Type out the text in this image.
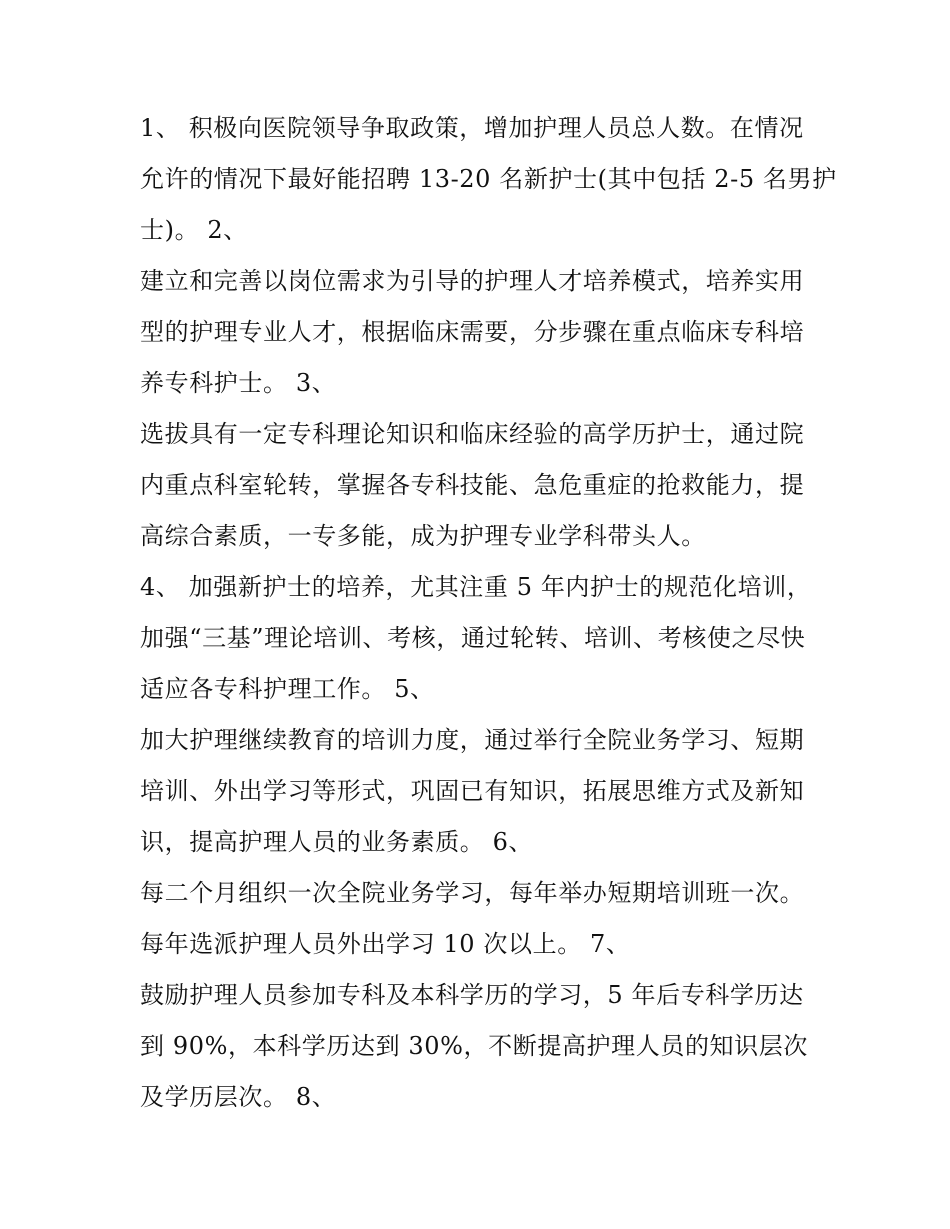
1、 积极向医院领导争取政策，增加护理人员总人数。在情况
允许的情况下最好能招聘 13-20 名新护士(其中包括 2-5 名男护
士)。 2、
建立和完善以岗位需求为引导的护理人才培养模式，培养实用
型的护理专业人才，根据临床需要，分步骤在重点临床专科培
养专科护士。 3、
选拔具有一定专科理论知识和临床经验的高学历护士，通过院
内重点科室轮转，掌握各专科技能、急危重症的抢救能力，提
高综合素质，一专多能，成为护理专业学科带头人。
4、 加强新护士的培养，尤其注重 5 年内护士的规范化培训，
加强“三基”理论培训、考核，通过轮转、培训、考核使之尽快
适应各专科护理工作。 5、
加大护理继续教育的培训力度，通过举行全院业务学习、短期
培训、外出学习等形式，巩固已有知识，拓展思维方式及新知
识，提高护理人员的业务素质。 6、
每二个月组织一次全院业务学习，每年举办短期培训班一次。
每年选派护理人员外出学习 10 次以上。 7、
鼓励护理人员参加专科及本科学历的学习，5 年后专科学历达
到 90%，本科学历达到 30%，不断提高护理人员的知识层次
及学历层次。 8、
